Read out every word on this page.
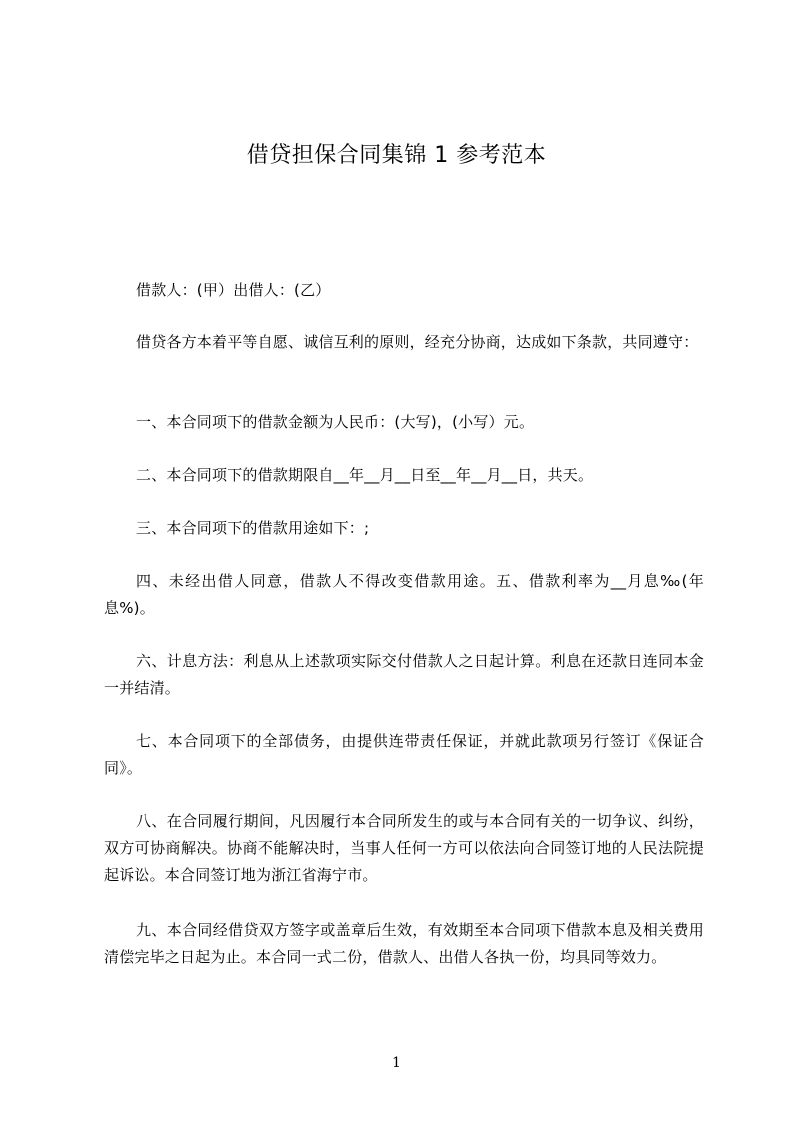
借贷担保合同集锦 1 参考范本

借款人：(甲）出借人：(乙）

借贷各方本着平等自愿、诚信互利的原则，经充分协商，达成如下条款，共同遵守：

一、本合同项下的借款金额为人民币：(大写)，(小写）元。

二、本合同项下的借款期限自__年__月__日至__年__月__日，共天。

三、本合同项下的借款用途如下：;

四、未经出借人同意，借款人不得改变借款用途。五、借款利率为__月息‰(年息%)。

六、计息方法：利息从上述款项实际交付借款人之日起计算。利息在还款日连同本金一并结清。

七、本合同项下的全部债务，由提供连带责任保证，并就此款项另行签订《保证合同》。

八、在合同履行期间，凡因履行本合同所发生的或与本合同有关的一切争议、纠纷，双方可协商解决。协商不能解决时，当事人任何一方可以依法向合同签订地的人民法院提起诉讼。本合同签订地为浙江省海宁市。

九、本合同经借贷双方签字或盖章后生效，有效期至本合同项下借款本息及相关费用清偿完毕之日起为止。本合同一式二份，借款人、出借人各执一份，均具同等效力。

1
